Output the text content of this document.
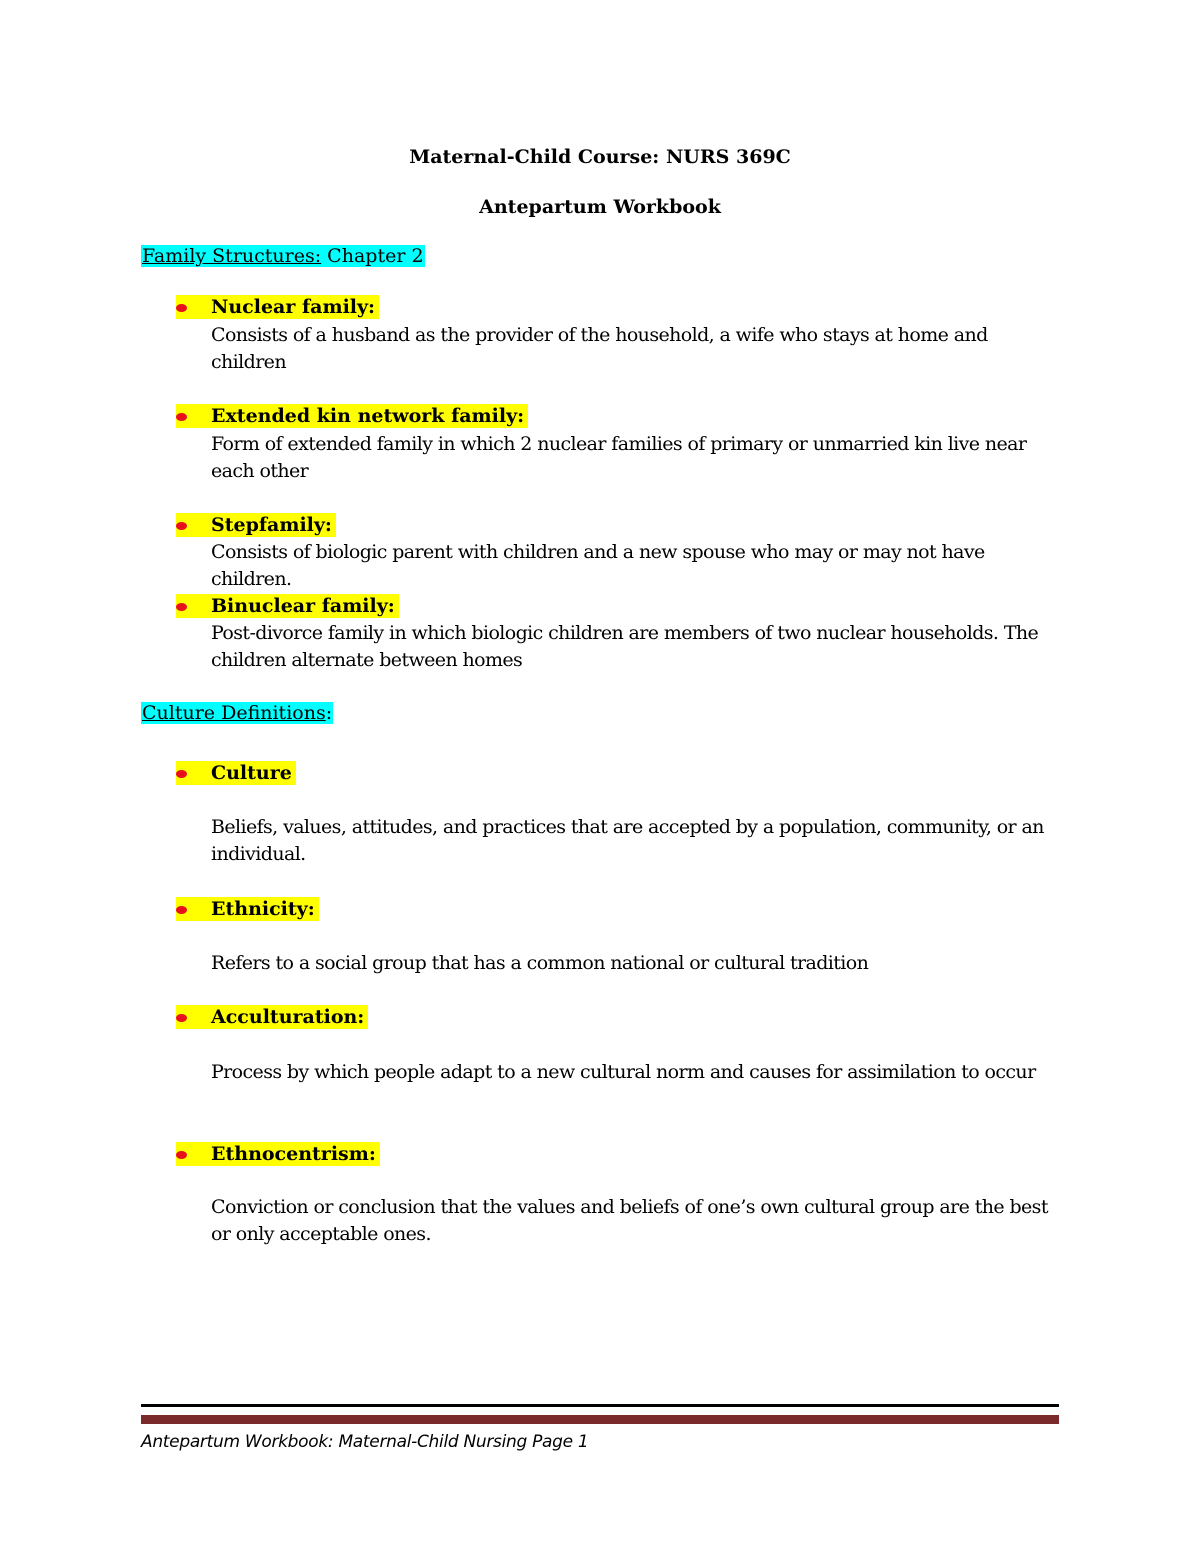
Maternal-Child Course: NURS 369C
Antepartum Workbook
Family Structures: Chapter 2
Nuclear family:
Consists of a husband as the provider of the household, a wife who stays at home and children
Extended kin network family:
Form of extended family in which 2 nuclear families of primary or unmarried kin live near each other
Stepfamily:
Consists of biologic parent with children and a new spouse who may or may not have children.
Binuclear family:
Post-divorce family in which biologic children are members of two nuclear households. The children alternate between homes
Culture Definitions:
Culture
Beliefs, values, attitudes, and practices that are accepted by a population, community, or an individual.
Ethnicity:
Refers to a social group that has a common national or cultural tradition
Acculturation:
Process by which people adapt to a new cultural norm and causes for assimilation to occur
Ethnocentrism:
Conviction or conclusion that the values and beliefs of one’s own cultural group are the best or only acceptable ones.
Antepartum Workbook: Maternal-Child Nursing Page 1
